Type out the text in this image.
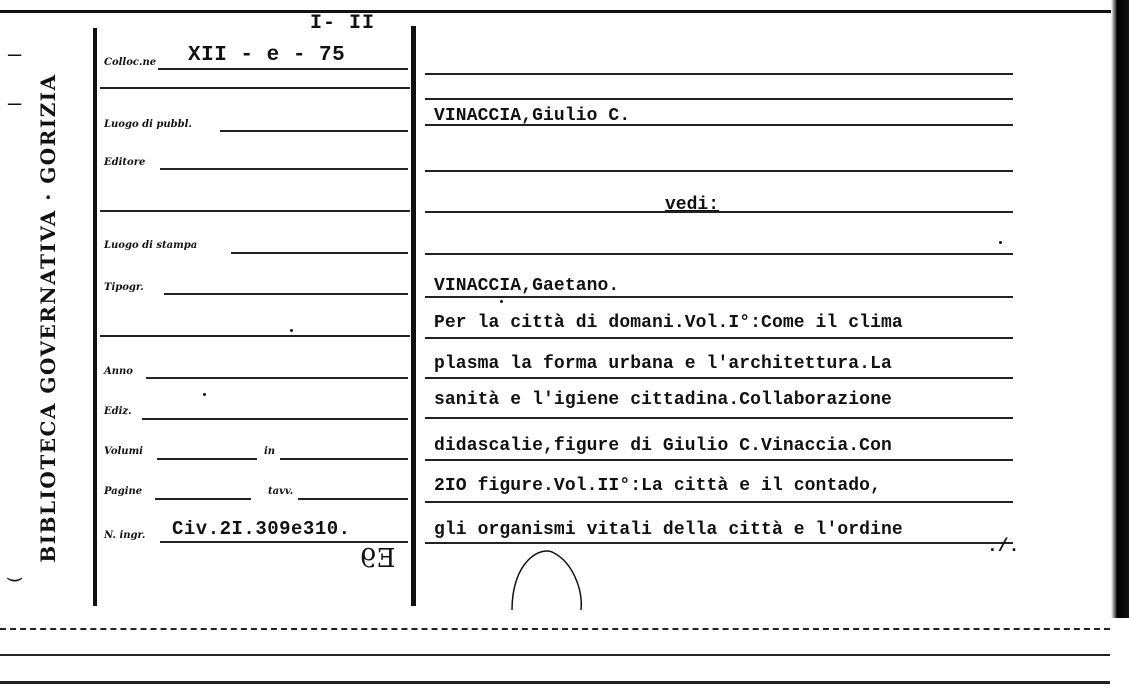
—
—
‿
BIBLIOTECA GOVERNATIVA · GORIZIA
I- II
Colloc.ne XII - e - 75
Luogo di pubbl.
Editore
Luogo di stampa
Tipogr.
Anno
Ediz.
Volumi	in
Pagine	tavv.
N. ingr. Civ.2I.309e310.
E9
VINACCIA,Giulio C.
vedi:
VINACCIA,Gaetano.
Per la città di domani.Vol.I°:Come il clima
plasma la forma urbana e l'architettura.La
sanità e l'igiene cittadina.Collaborazione
didascalie,figure di Giulio C.Vinaccia.Con
2IO figure.Vol.II°:La città e il contado,
gli organismi vitali della città e l'ordine
./.
